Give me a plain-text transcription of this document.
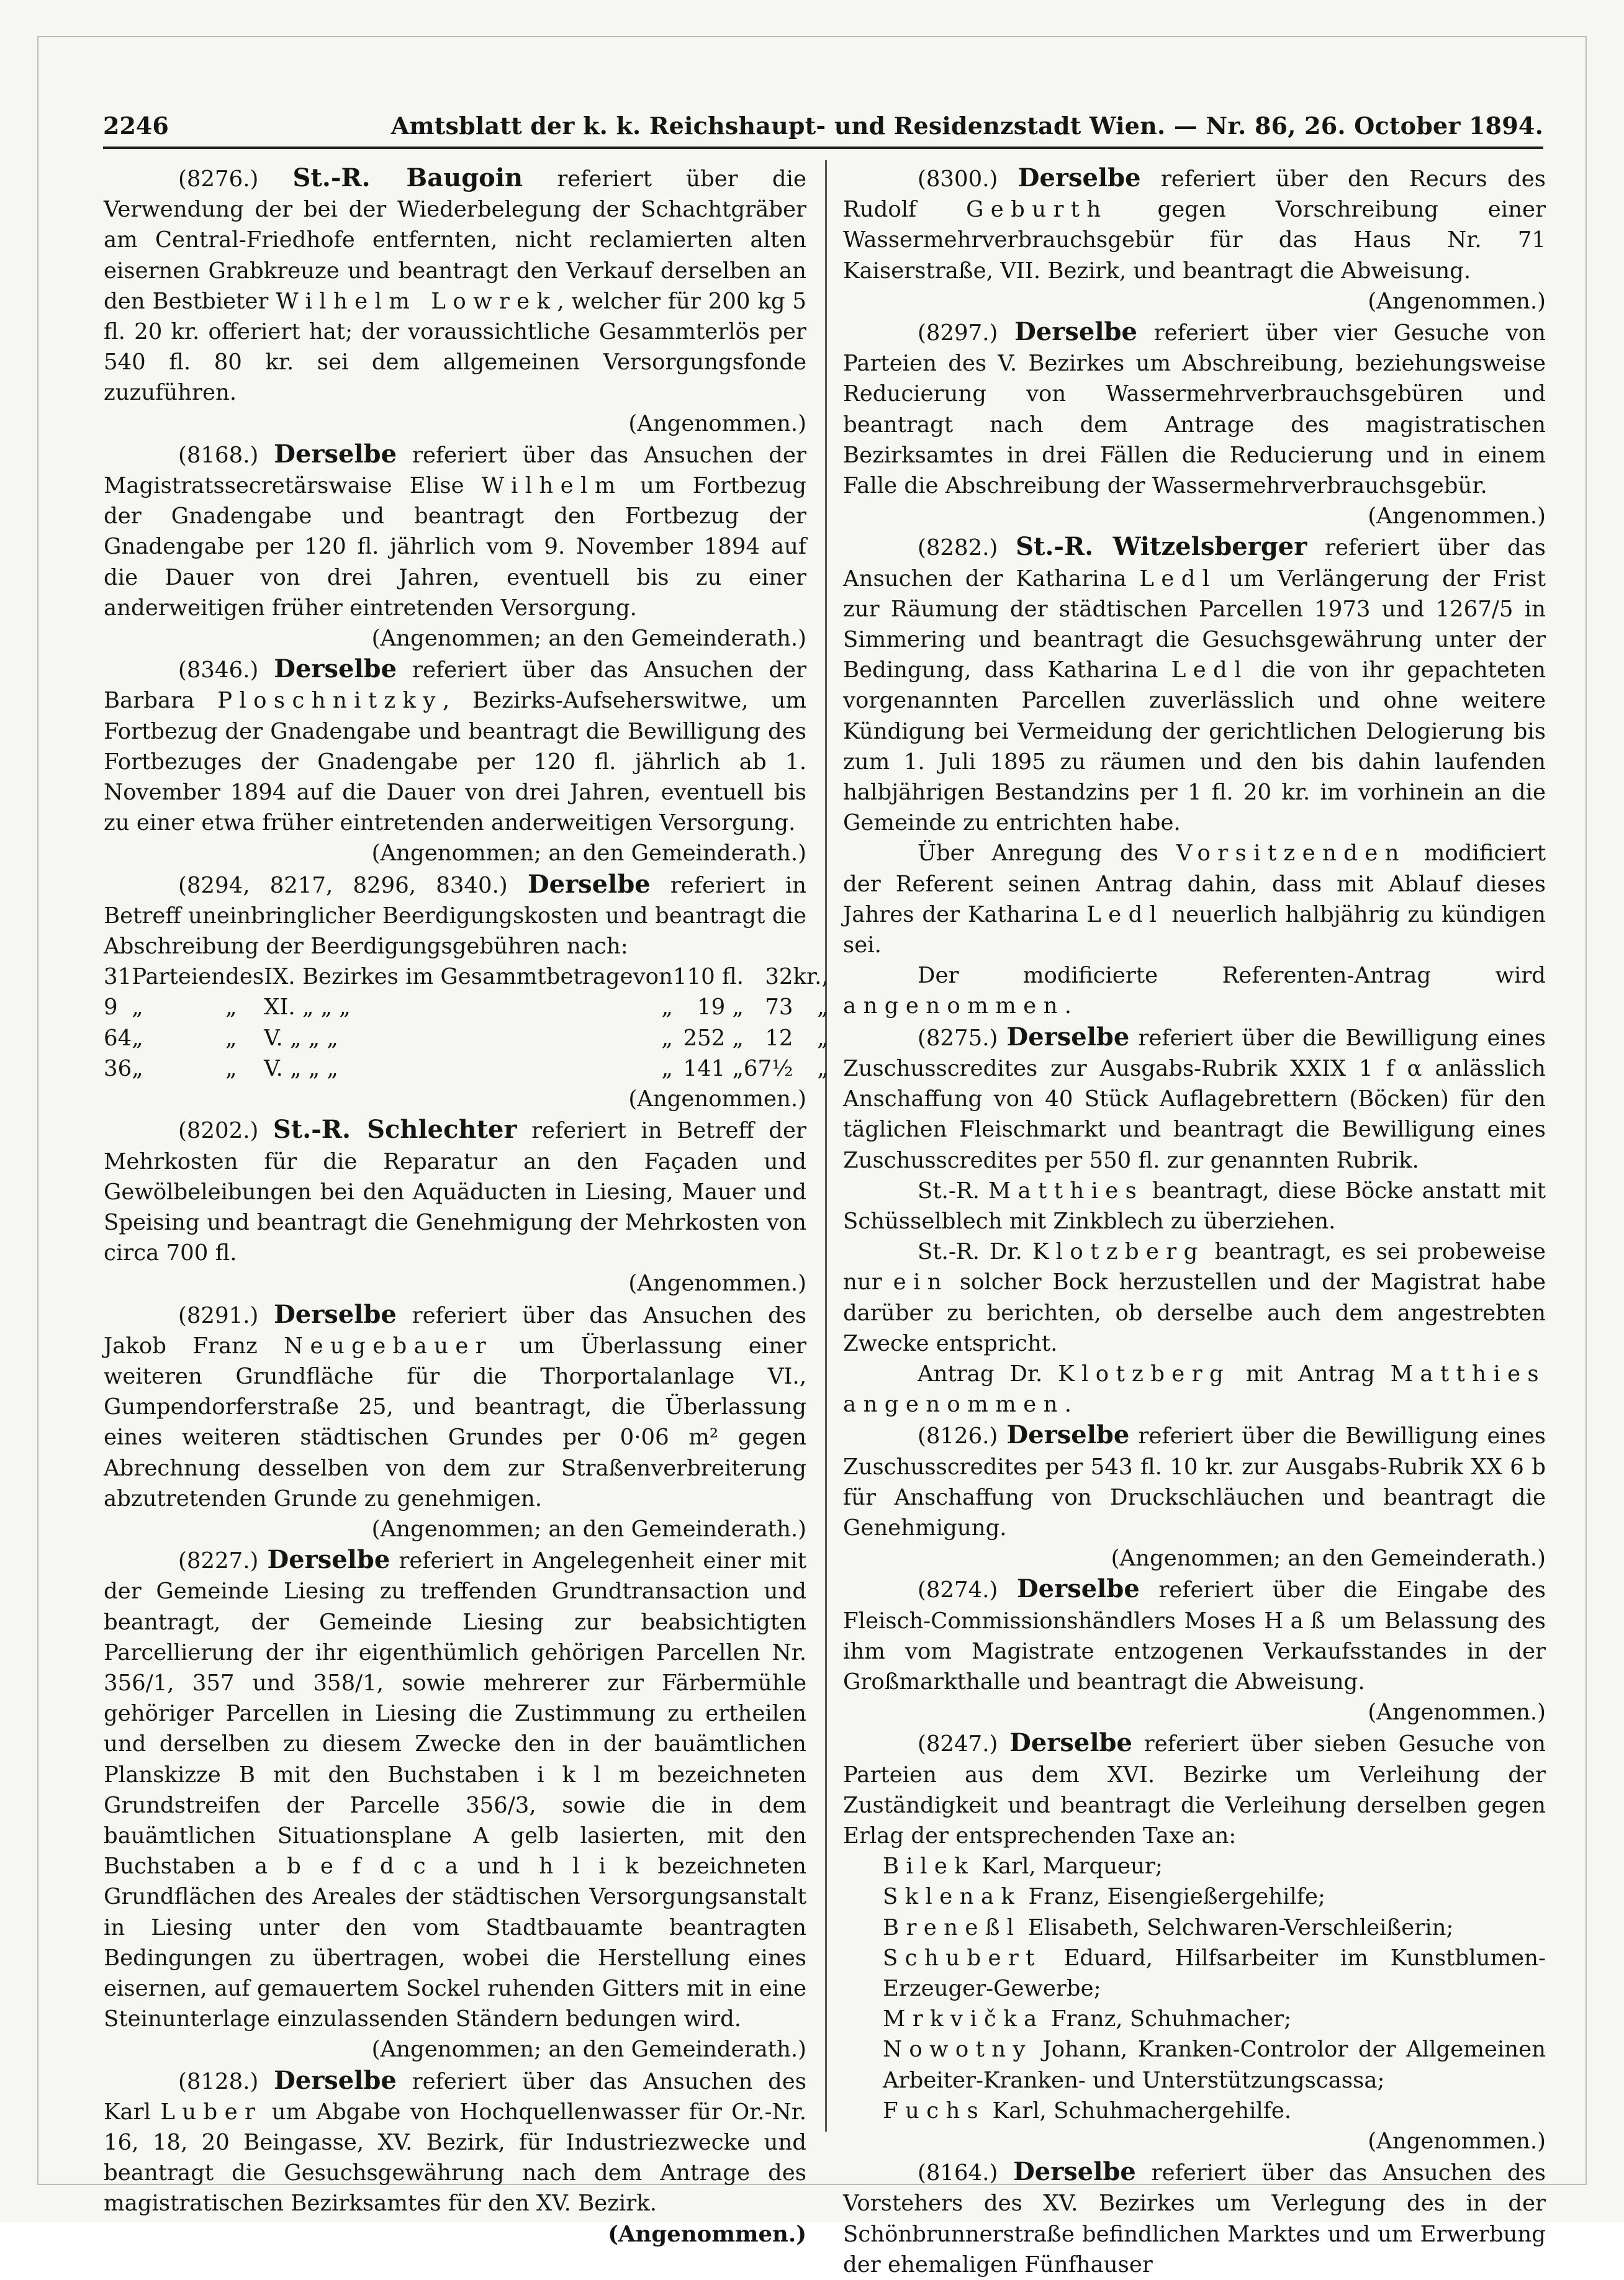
2246	Amtsblatt der k. k. Reichshaupt- und Residenzstadt Wien. — Nr. 86, 26. October 1894.

(8276.) St.-R. Baugoin referiert über die Verwendung der bei der Wiederbelegung der Schachtgräber am Central-Friedhofe entfernten, nicht reclamierten alten eisernen Grabkreuze und beantragt den Verkauf derselben an den Bestbieter Wilhelm Lowrek, welcher für 200 kg 5 fl. 20 kr. offeriert hat; der voraussichtliche Gesammterlös per 540 fl. 80 kr. sei dem allgemeinen Versorgungsfonde zuzuführen.
(Angenommen.)

(8168.) Derselbe referiert über das Ansuchen der Magistratssecretärswaise Elise Wilhelm um Fortbezug der Gnadengabe und beantragt den Fortbezug der Gnadengabe per 120 fl. jährlich vom 9. November 1894 auf die Dauer von drei Jahren, eventuell bis zu einer anderweitigen früher eintretenden Versorgung.
(Angenommen; an den Gemeinderath.)

(8346.) Derselbe referiert über das Ansuchen der Barbara Ploschnitzky, Bezirks-Aufseherswitwe, um Fortbezug der Gnadengabe und beantragt die Bewilligung des Fortbezuges der Gnadengabe per 120 fl. jährlich ab 1. November 1894 auf die Dauer von drei Jahren, eventuell bis zu einer etwa früher eintretenden anderweitigen Versorgung.
(Angenommen; an den Gemeinderath.)

(8294, 8217, 8296, 8340.) Derselbe referiert in Betreff uneinbringlicher Beerdigungskosten und beantragt die Abschreibung der Beerdigungsgebühren nach:

31	Parteien	des	IX. Bezirkes im Gesammtbetrage	von	110 fl.	32	kr.,
9	„	„	XI. „ „ „	„	19 „	73	„
64	„	„	V. „ „ „	„	252 „	12	„
36	„	„	V. „ „ „	„	141 „	67½	„

(Angenommen.)

(8202.) St.-R. Schlechter referiert in Betreff der Mehrkosten für die Reparatur an den Façaden und Gewölbeleibungen bei den Aquäducten in Liesing, Mauer und Speising und beantragt die Genehmigung der Mehrkosten von circa 700 fl.
(Angenommen.)

(8291.) Derselbe referiert über das Ansuchen des Jakob Franz Neugebauer um Überlassung einer weiteren Grundfläche für die Thorportalanlage VI., Gumpendorferstraße 25, und beantragt, die Überlassung eines weiteren städtischen Grundes per 0·06 m² gegen Abrechnung desselben von dem zur Straßenverbreiterung abzutretenden Grunde zu genehmigen.
(Angenommen; an den Gemeinderath.)

(8227.) Derselbe referiert in Angelegenheit einer mit der Gemeinde Liesing zu treffenden Grundtransaction und beantragt, der Gemeinde Liesing zur beabsichtigten Parcellierung der ihr eigenthümlich gehörigen Parcellen Nr. 356/1, 357 und 358/1, sowie mehrerer zur Färbermühle gehöriger Parcellen in Liesing die Zustimmung zu ertheilen und derselben zu diesem Zwecke den in der bauämtlichen Planskizze B mit den Buchstaben i k l m bezeichneten Grundstreifen der Parcelle 356/3, sowie die in dem bauämtlichen Situationsplane A gelb lasierten, mit den Buchstaben a b e f d c a und h l i k bezeichneten Grundflächen des Areales der städtischen Versorgungsanstalt in Liesing unter den vom Stadtbauamte beantragten Bedingungen zu übertragen, wobei die Herstellung eines eisernen, auf gemauertem Sockel ruhenden Gitters mit in eine Steinunterlage einzulassenden Ständern bedungen wird.
(Angenommen; an den Gemeinderath.)

(8128.) Derselbe referiert über das Ansuchen des Karl Luber um Abgabe von Hochquellenwasser für Or.-Nr. 16, 18, 20 Beingasse, XV. Bezirk, für Industriezwecke und beantragt die Gesuchsgewährung nach dem Antrage des magistratischen Bezirksamtes für den XV. Bezirk.
(Angenommen.)

(8300.) Derselbe referiert über den Recurs des Rudolf Geburth gegen Vorschreibung einer Wassermehrverbrauchsgebür für das Haus Nr. 71 Kaiserstraße, VII. Bezirk, und beantragt die Abweisung.
(Angenommen.)

(8297.) Derselbe referiert über vier Gesuche von Parteien des V. Bezirkes um Abschreibung, beziehungsweise Reducierung von Wassermehrverbrauchsgebüren und beantragt nach dem Antrage des magistratischen Bezirksamtes in drei Fällen die Reducierung und in einem Falle die Abschreibung der Wassermehrverbrauchsgebür.
(Angenommen.)

(8282.) St.-R. Witzelsberger referiert über das Ansuchen der Katharina Ledl um Verlängerung der Frist zur Räumung der städtischen Parcellen 1973 und 1267/5 in Simmering und beantragt die Gesuchsgewährung unter der Bedingung, dass Katharina Ledl die von ihr gepachteten vorgenannten Parcellen zuverlässlich und ohne weitere Kündigung bei Vermeidung der gerichtlichen Delogierung bis zum 1. Juli 1895 zu räumen und den bis dahin laufenden halbjährigen Bestandzins per 1 fl. 20 kr. im vorhinein an die Gemeinde zu entrichten habe.

Über Anregung des Vorsitzenden modificiert der Referent seinen Antrag dahin, dass mit Ablauf dieses Jahres der Katharina Ledl neuerlich halbjährig zu kündigen sei.

Der modificierte Referenten-Antrag wird angenommen.

(8275.) Derselbe referiert über die Bewilligung eines Zuschusscredites zur Ausgabs-Rubrik XXIX 1 f α anlässlich Anschaffung von 40 Stück Auflagebrettern (Böcken) für den täglichen Fleischmarkt und beantragt die Bewilligung eines Zuschusscredites per 550 fl. zur genannten Rubrik.

St.-R. Matthies beantragt, diese Böcke anstatt mit Schüsselblech mit Zinkblech zu überziehen.

St.-R. Dr. Klotzberg beantragt, es sei probeweise nur ein solcher Bock herzustellen und der Magistrat habe darüber zu berichten, ob derselbe auch dem angestrebten Zwecke entspricht.

Antrag Dr. Klotzberg mit Antrag Matthies angenommen.

(8126.) Derselbe referiert über die Bewilligung eines Zuschusscredites per 543 fl. 10 kr. zur Ausgabs-Rubrik XX 6 b für Anschaffung von Druckschläuchen und beantragt die Genehmigung.
(Angenommen; an den Gemeinderath.)

(8274.) Derselbe referiert über die Eingabe des Fleisch-Commissionshändlers Moses Haß um Belassung des ihm vom Magistrate entzogenen Verkaufsstandes in der Großmarkthalle und beantragt die Abweisung.
(Angenommen.)

(8247.) Derselbe referiert über sieben Gesuche von Parteien aus dem XVI. Bezirke um Verleihung der Zuständigkeit und beantragt die Verleihung derselben gegen Erlag der entsprechenden Taxe an:

Bilek Karl, Marqueur;

Sklenak Franz, Eisengießergehilfe;

Breneßl Elisabeth, Selchwaren-Verschleißerin;

Schubert Eduard, Hilfsarbeiter im Kunstblumen-Erzeuger-Gewerbe;

Mrkvička Franz, Schuhmacher;

Nowotny Johann, Kranken-Controlor der Allgemeinen Arbeiter-Kranken- und Unterstützungscassa;

Fuchs Karl, Schuhmachergehilfe.
(Angenommen.)

(8164.) Derselbe referiert über das Ansuchen des Vorstehers des XV. Bezirkes um Verlegung des in der Schönbrunnerstraße befindlichen Marktes und um Erwerbung der ehemaligen Fünfhauser
